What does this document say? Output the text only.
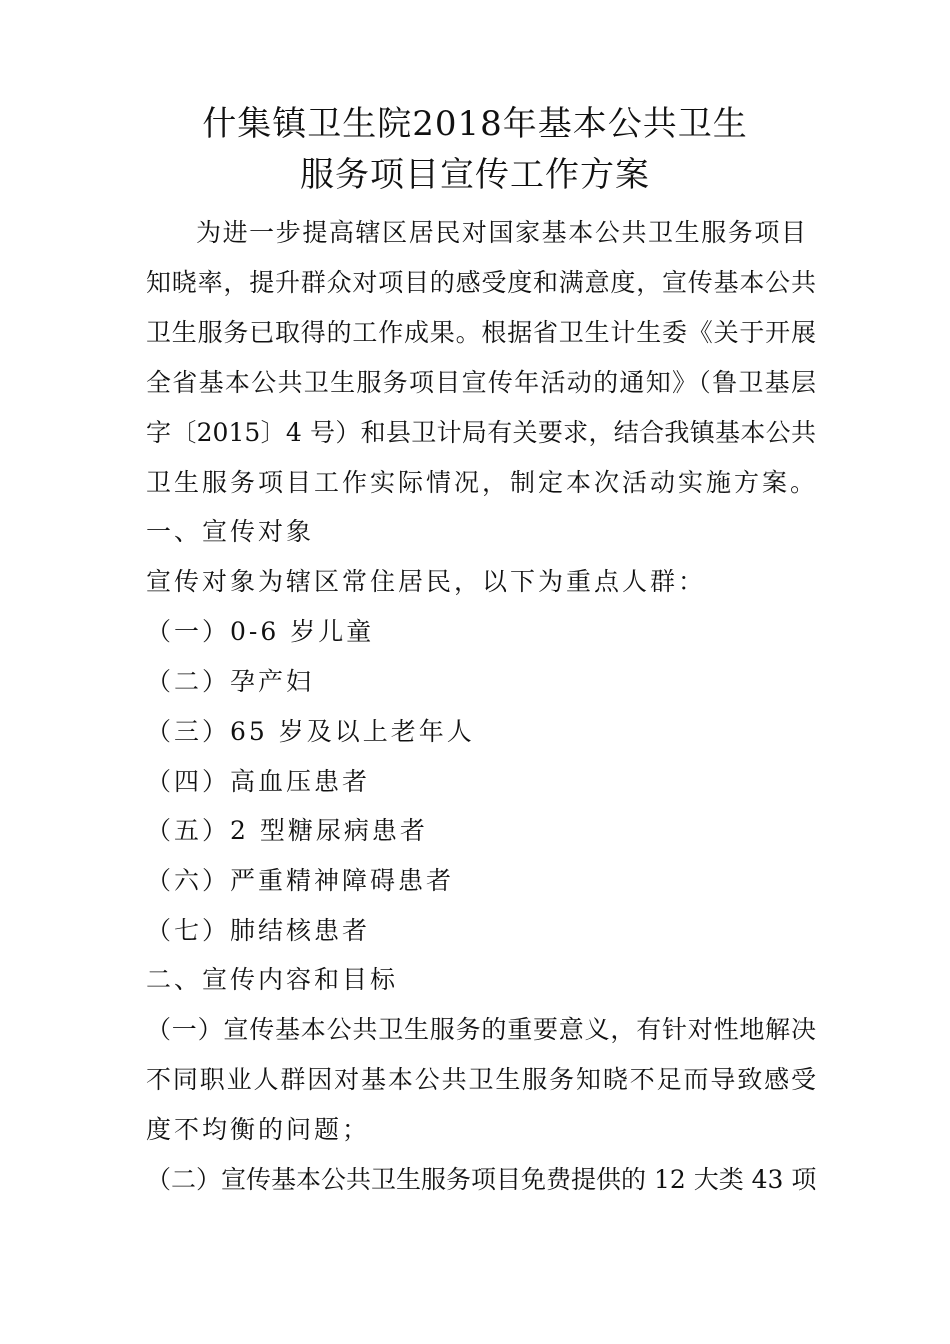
什集镇卫生院2018年基本公共卫生
服务项目宣传工作方案
为进一步提高辖区居民对国家基本公共卫生服务项目
知晓率，提升群众对项目的感受度和满意度，宣传基本公共
卫生服务已取得的工作成果。根据省卫生计生委《关于开展
全省基本公共卫生服务项目宣传年活动的通知》（鲁卫基层
字〔2015〕4 号）和县卫计局有关要求，结合我镇基本公共
卫生服务项目工作实际情况，制定本次活动实施方案。
一、宣传对象
宣传对象为辖区常住居民，以下为重点人群：
（一）0-6 岁儿童
（二）孕产妇
（三）65 岁及以上老年人
（四）高血压患者
（五）2 型糖尿病患者
（六）严重精神障碍患者
（七）肺结核患者
二、宣传内容和目标
（一）宣传基本公共卫生服务的重要意义，有针对性地解决
不同职业人群因对基本公共卫生服务知晓不足而导致感受
度不均衡的问题；
（二）宣传基本公共卫生服务项目免费提供的 12 大类 43 项
